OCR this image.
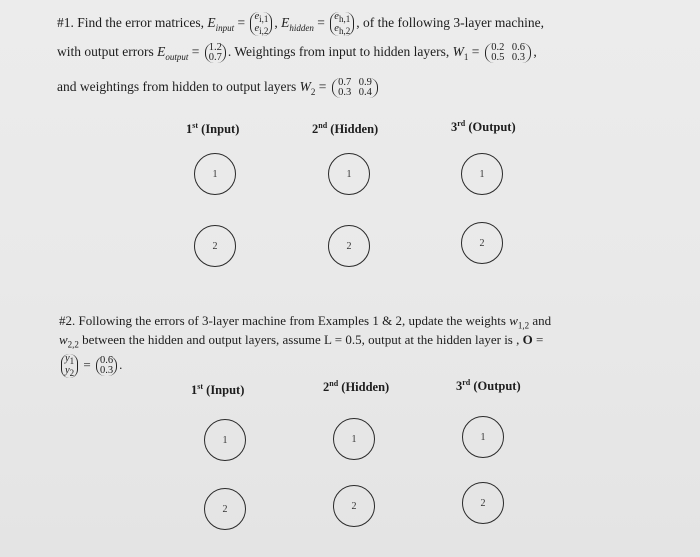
#1. Find the error matrices, $E_{input} = e_{i,1}$
$e_{i,2}$
, $E_{hidden} = e_{h,1}$
$e_{h,2}$
, of the following 3-layer machine,
with output errors $E_{output} = 1.2$
0.7 . Weightings from input to hidden layers, $W_1 = 0.2$ 0.6
0.5 0.3 ,
and weightings from hidden to output layers $W_2 = 0.7$ 0.9
0.3 0.4
1st (Input)	2nd (Hidden)	3rd (Output)
1
2
1
2
1
2
#2. Following the errors of 3-layer machine from Examples 1 & 2, update the weights $w_{1,2}$ and
$w_{2,2}$ between the hidden and output layers, assume L = 0.5, output at the hidden layer is , O =
$y_1$
$y_2$
= 0.6
0.3 .
1st (Input)	2nd (Hidden)	3rd (Output)
1
2
1
2
1
2
